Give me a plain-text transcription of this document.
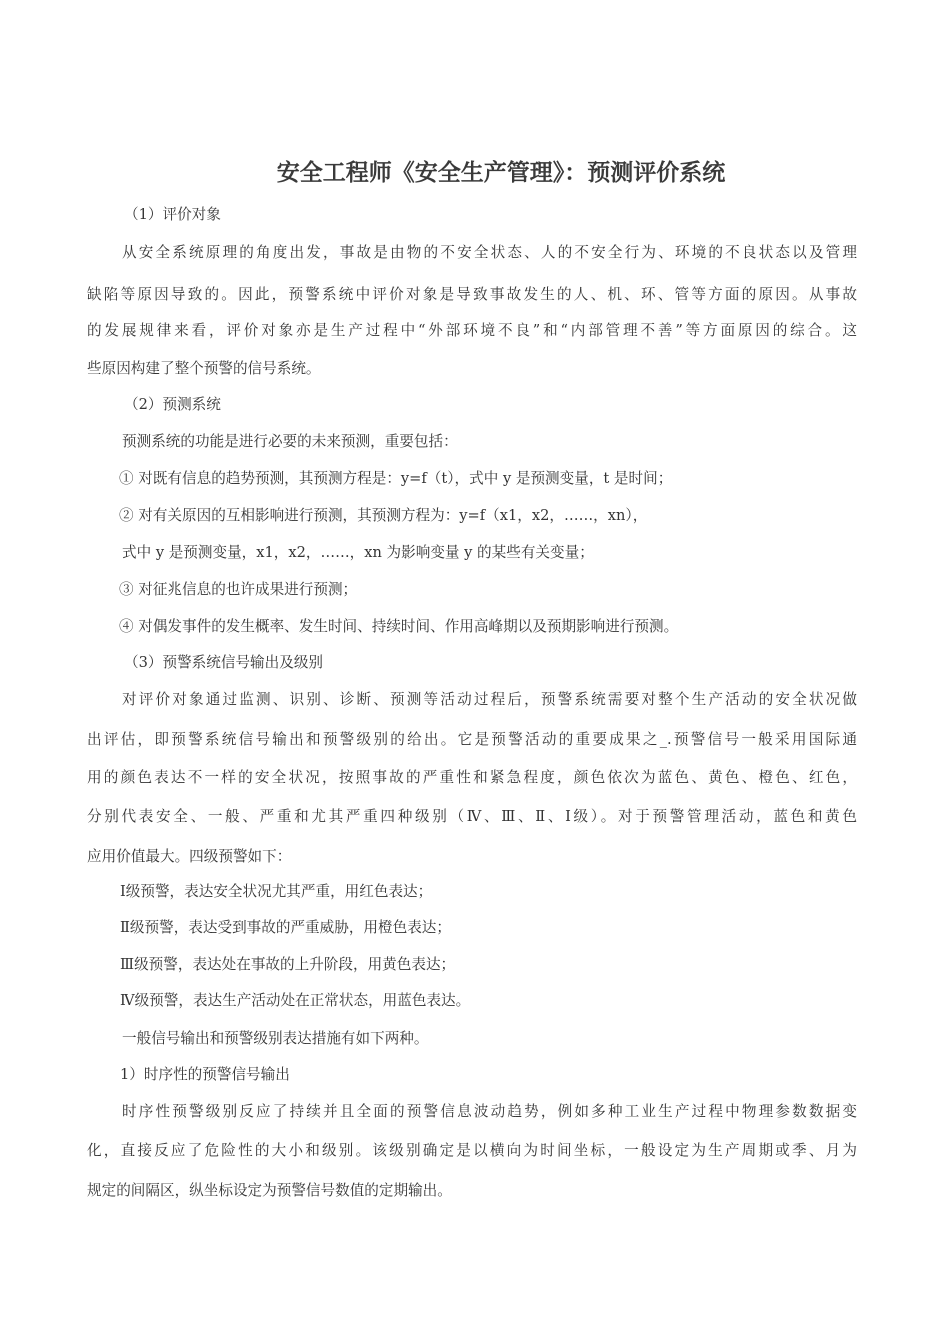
安全工程师《安全生产管理》：预测评价系统
（1）评价对象
从安全系统原理的角度出发，事故是由物的不安全状态、人的不安全行为、环境的不良状态以及管理
缺陷等原因导致的。因此，预警系统中评价对象是导致事故发生的人、机、环、管等方面的原因。从事故
的发展规律来看，评价对象亦是生产过程中“外部环境不良”和“内部管理不善”等方面原因的综合。这
些原因构建了整个预警的信号系统。
（2）预测系统
预测系统的功能是进行必要的未来预测，重要包括：
① 对既有信息的趋势预测，其预测方程是：y=f（t），式中 y 是预测变量，t 是时间；
② 对有关原因的互相影响进行预测，其预测方程为：y=f（x1，x2，……，xn），
式中 y 是预测变量，x1，x2，……，xn 为影响变量 y 的某些有关变量；
③ 对征兆信息的也许成果进行预测；
④ 对偶发事件的发生概率、发生时间、持续时间、作用高峰期以及预期影响进行预测。
（3）预警系统信号输出及级别
对评价对象通过监测、识别、诊断、预测等活动过程后，预警系统需要对整个生产活动的安全状况做
出评估，即预警系统信号输出和预警级别的给出。它是预警活动的重要成果之_.预警信号一般采用国际通
用的颜色表达不一样的安全状况，按照事故的严重性和紧急程度，颜色依次为蓝色、黄色、橙色、红色，
分别代表安全、一般、严重和尤其严重四种级别（Ⅳ、Ⅲ、Ⅱ、Ⅰ级）。对于预警管理活动，蓝色和黄色
应用价值最大。四级预警如下：
Ⅰ级预警，表达安全状况尤其严重，用红色表达；
Ⅱ级预警，表达受到事故的严重威胁，用橙色表达；
Ⅲ级预警，表达处在事故的上升阶段，用黄色表达；
Ⅳ级预警，表达生产活动处在正常状态，用蓝色表达。
一般信号输出和预警级别表达措施有如下两种。
1）时序性的预警信号输出
时序性预警级别反应了持续并且全面的预警信息波动趋势，例如多种工业生产过程中物理参数数据变
化，直接反应了危险性的大小和级别。该级别确定是以横向为时间坐标，一般设定为生产周期或季、月为
规定的间隔区，纵坐标设定为预警信号数值的定期输出。
